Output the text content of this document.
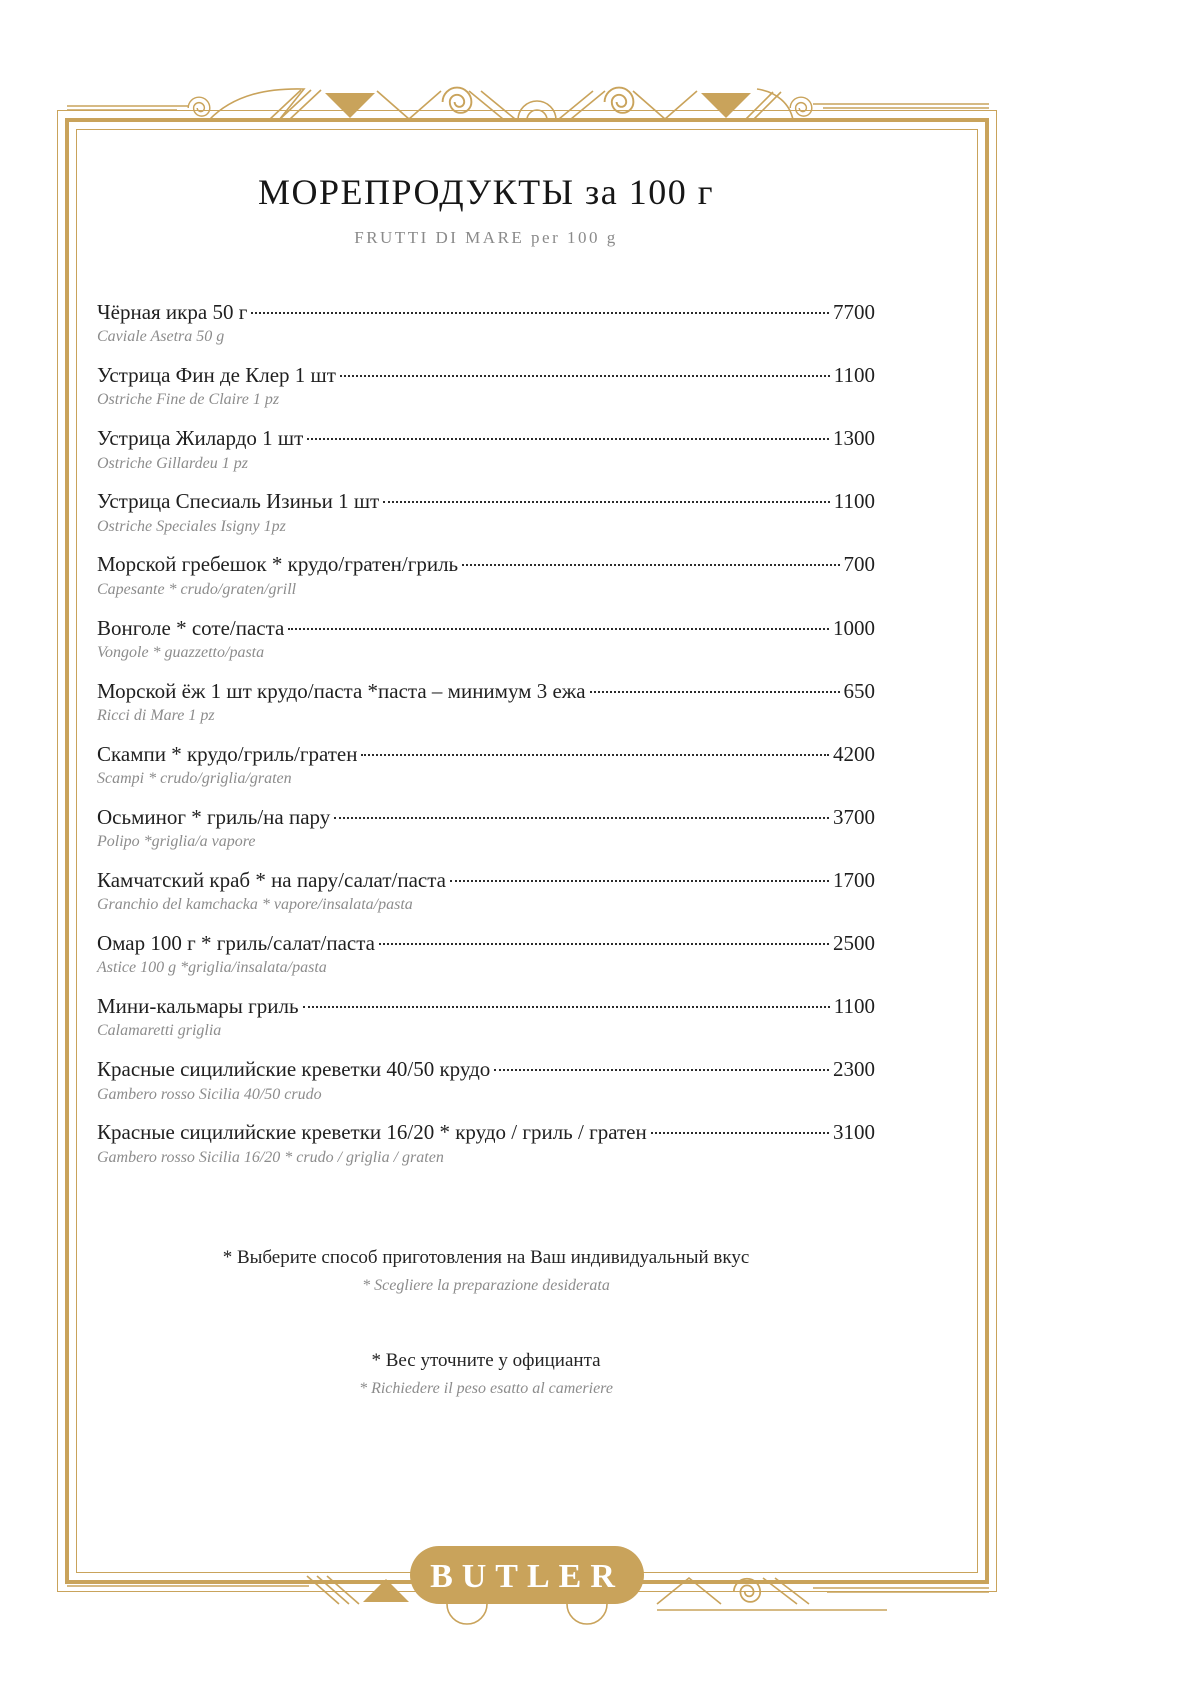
МОРЕПРОДУКТЫ за 100 г
FRUTTI DI MARE per 100 g
Чёрная икра 50 г	7700
Caviale Asetra 50 g
Устрица Фин де Клер 1 шт	1100
Ostriche Fine de Claire 1 pz
Устрица Жилардо 1 шт	1300
Ostriche Gillardeu 1 pz
Устрица Спесиаль Изиньи 1 шт	1100
Ostriche Speciales Isigny 1pz
Морской гребешок * крудо/гратен/гриль	700
Capesante * crudo/graten/grill
Вонголе * соте/паста	1000
Vongole * guazzetto/pasta
Морской ёж 1 шт крудо/паста *паста – минимум 3 ежа	650
Ricci di Mare 1 pz
Скампи * крудо/гриль/гратен	4200
Scampi * crudo/griglia/graten
Осьминог * гриль/на пару	3700
Polipo *griglia/a vapore
Камчатский краб * на пару/салат/паста	1700
Granchio del kamchacka * vapore/insalata/pasta
Омар 100 г * гриль/салат/паста	2500
Astice 100 g *griglia/insalata/pasta
Мини-кальмары гриль	1100
Calamaretti griglia
Красные сицилийские креветки 40/50 крудо	2300
Gambero rosso Sicilia 40/50 crudo
Красные сицилийские креветки 16/20 * крудо / гриль / гратен	3100
Gambero rosso Sicilia 16/20 * crudo / griglia / graten
* Выберите способ приготовления на Ваш индивидуальный вкус
* Scegliere la preparazione desiderata
* Вес уточните у официанта
* Richiedere il peso esatto al cameriere
BUTLER
